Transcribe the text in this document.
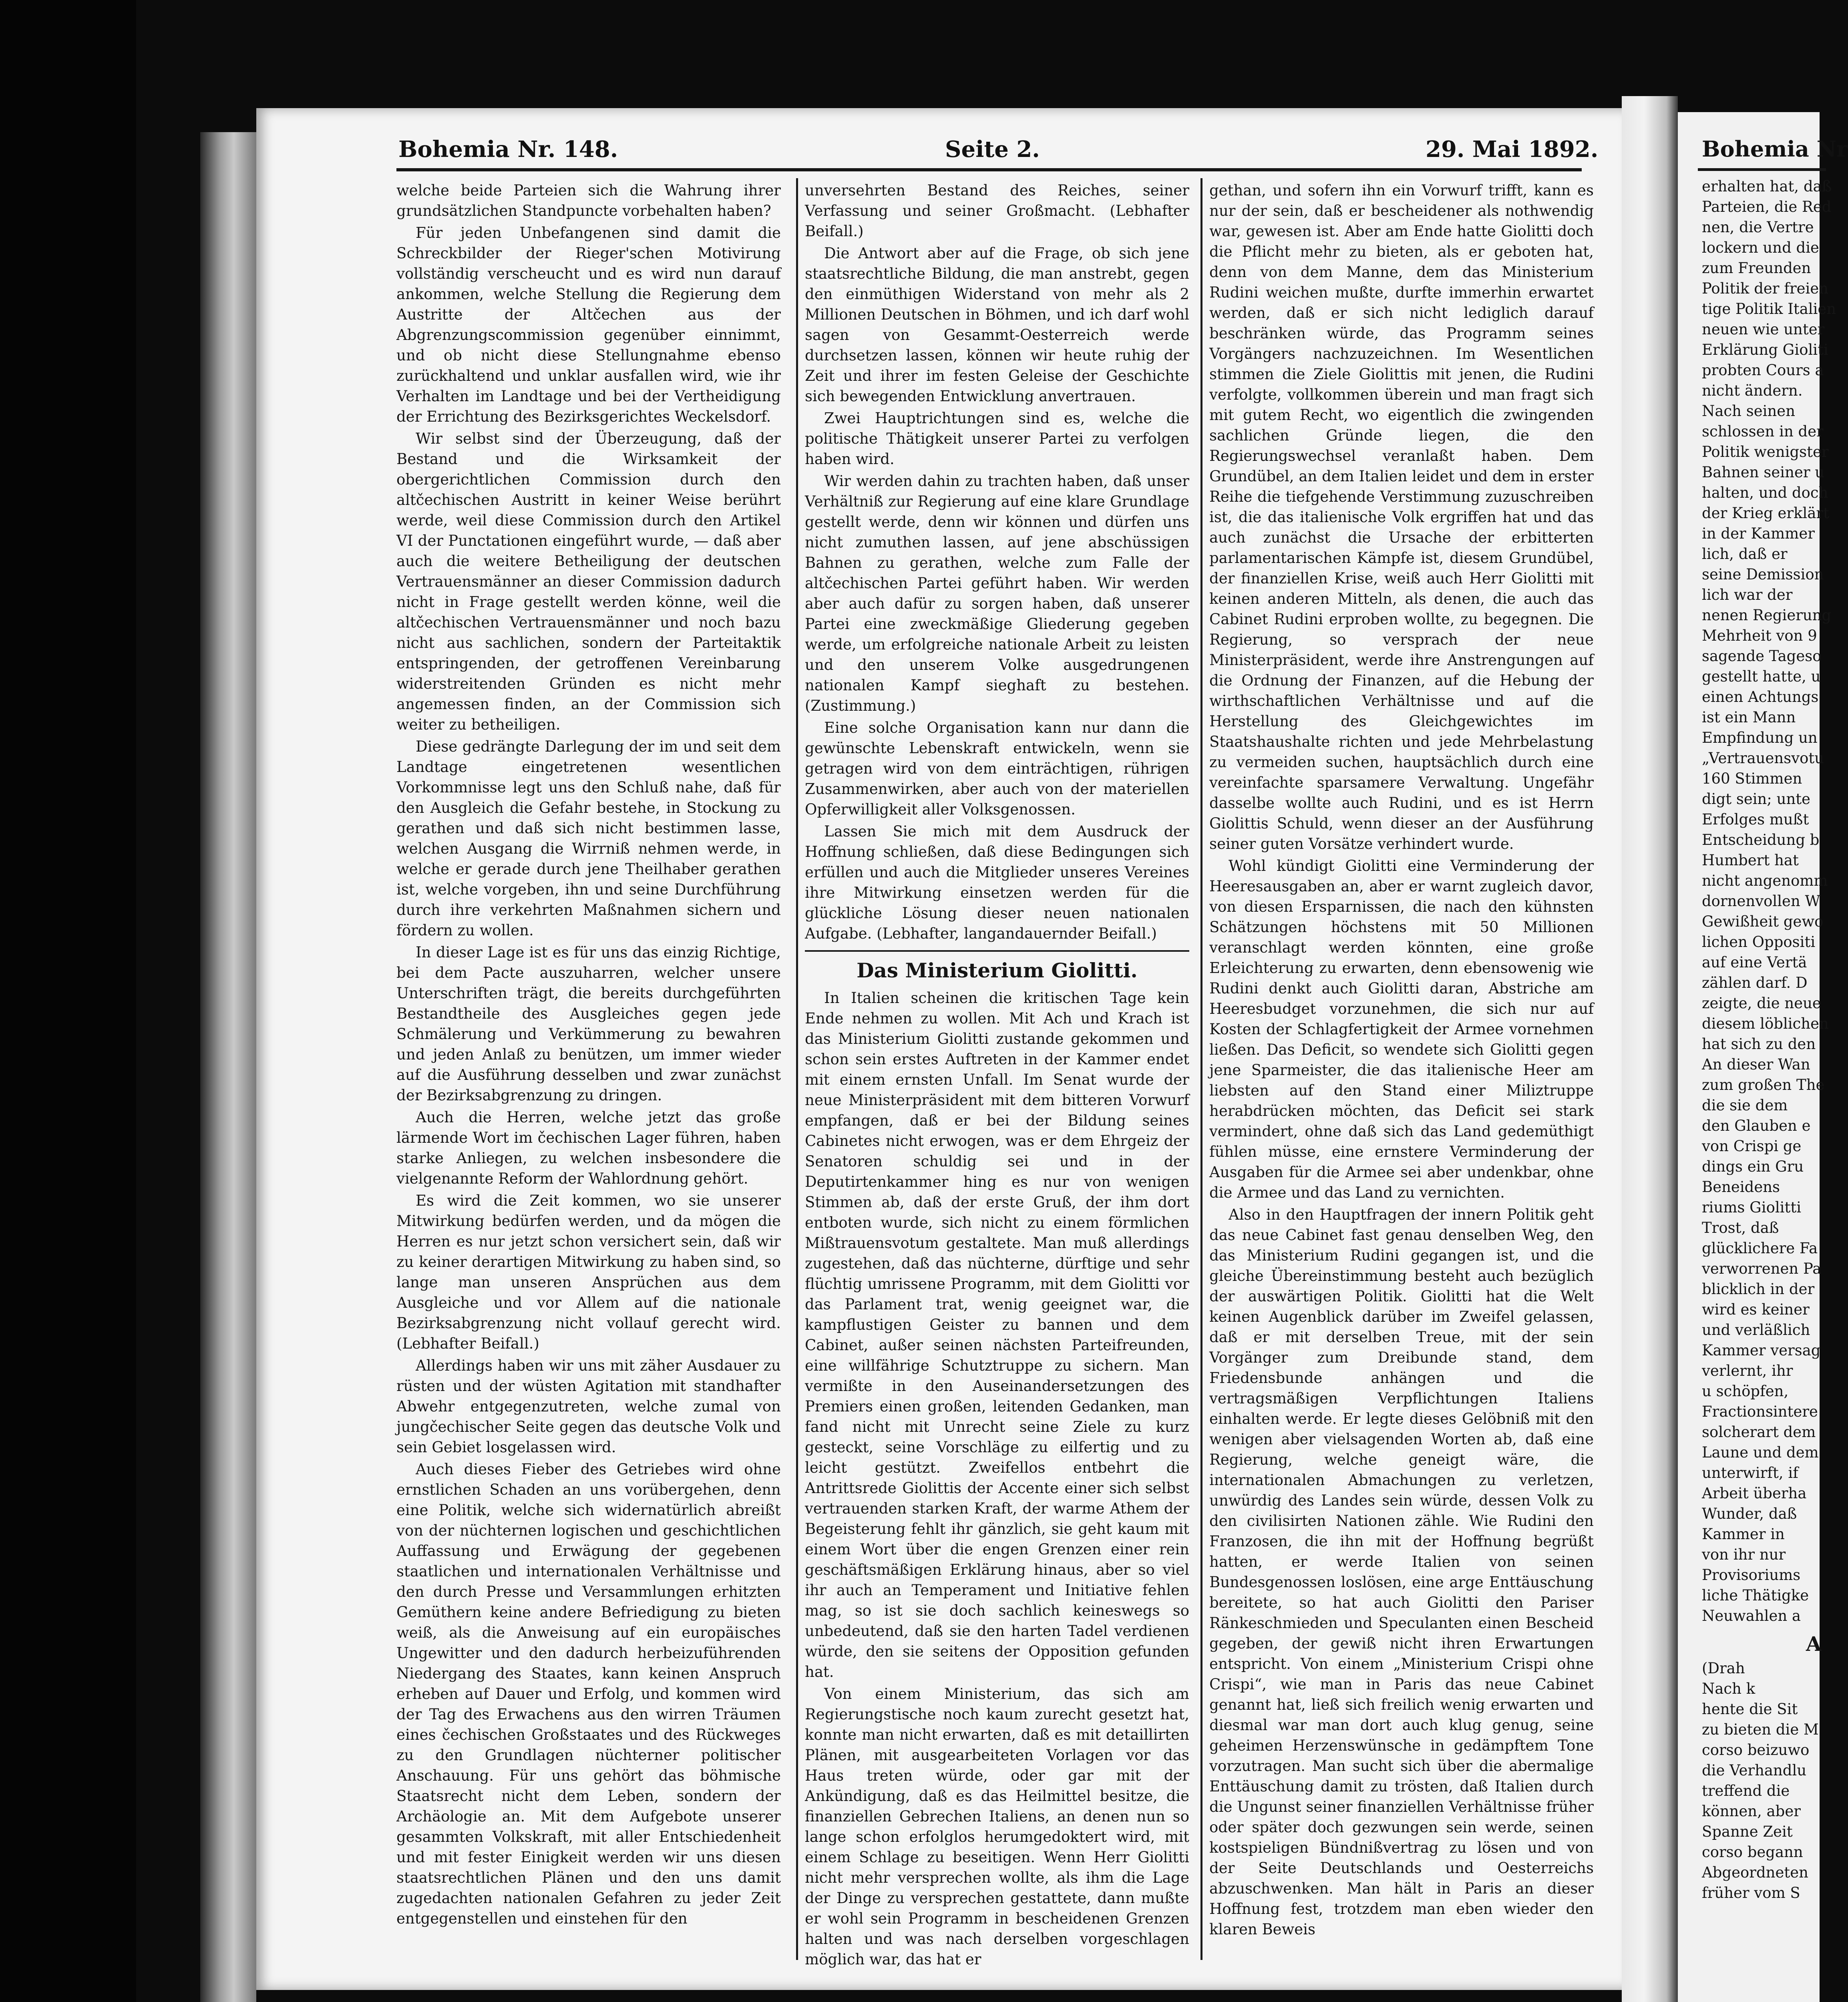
Bohemia Nr. 148.	Seite 2.	29. Mai 1892.

welche beide Parteien sich die Wahrung ihrer grundsätzlichen Standpuncte vorbehalten haben?

Für jeden Unbefangenen sind damit die Schreckbilder der Rieger'schen Motivirung vollständig verscheucht und es wird nun darauf ankommen, welche Stellung die Regierung dem Austritte der Altčechen aus der Abgrenzungscommission gegenüber einnimmt, und ob nicht diese Stellungnahme ebenso zurückhaltend und unklar ausfallen wird, wie ihr Verhalten im Landtage und bei der Vertheidigung der Errichtung des Bezirksgerichtes Weckelsdorf.

Wir selbst sind der Überzeugung, daß der Bestand und die Wirksamkeit der obergerichtlichen Commission durch den altčechischen Austritt in keiner Weise berührt werde, weil diese Commission durch den Artikel VI der Punctationen eingeführt wurde, — daß aber auch die weitere Betheiligung der deutschen Vertrauensmänner an dieser Commission dadurch nicht in Frage gestellt werden könne, weil die altčechischen Vertrauensmänner und noch bazu nicht aus sachlichen, sondern der Parteitaktik entspringenden, der getroffenen Vereinbarung widerstreitenden Gründen es nicht mehr angemessen finden, an der Commission sich weiter zu betheiligen.

Diese gedrängte Darlegung der im und seit dem Landtage eingetretenen wesentlichen Vorkommnisse legt uns den Schluß nahe, daß für den Ausgleich die Gefahr bestehe, in Stockung zu gerathen und daß sich nicht bestimmen lasse, welchen Ausgang die Wirrniß nehmen werde, in welche er gerade durch jene Theilhaber gerathen ist, welche vorgeben, ihn und seine Durchführung durch ihre verkehrten Maßnahmen sichern und fördern zu wollen.

In dieser Lage ist es für uns das einzig Richtige, bei dem Pacte auszuharren, welcher unsere Unterschriften trägt, die bereits durchgeführten Bestandtheile des Ausgleiches gegen jede Schmälerung und Verkümmerung zu bewahren und jeden Anlaß zu benützen, um immer wieder auf die Ausführung desselben und zwar zunächst der Bezirksabgrenzung zu dringen.

Auch die Herren, welche jetzt das große lärmende Wort im čechischen Lager führen, haben starke Anliegen, zu welchen insbesondere die vielgenannte Reform der Wahlordnung gehört.

Es wird die Zeit kommen, wo sie unserer Mitwirkung bedürfen werden, und da mögen die Herren es nur jetzt schon versichert sein, daß wir zu keiner derartigen Mitwirkung zu haben sind, so lange man unseren Ansprüchen aus dem Ausgleiche und vor Allem auf die nationale Bezirksabgrenzung nicht vollauf gerecht wird. (Lebhafter Beifall.)

Allerdings haben wir uns mit zäher Ausdauer zu rüsten und der wüsten Agitation mit standhafter Abwehr entgegenzutreten, welche zumal von jungčechischer Seite gegen das deutsche Volk und sein Gebiet losgelassen wird.

Auch dieses Fieber des Getriebes wird ohne ernstlichen Schaden an uns vorübergehen, denn eine Politik, welche sich widernatürlich abreißt von der nüchternen logischen und geschichtlichen Auffassung und Erwägung der gegebenen staatlichen und internationalen Verhältnisse und den durch Presse und Versammlungen erhitzten Gemüthern keine andere Befriedigung zu bieten weiß, als die Anweisung auf ein europäisches Ungewitter und den dadurch herbeizuführenden Niedergang des Staates, kann keinen Anspruch erheben auf Dauer und Erfolg, und kommen wird der Tag des Erwachens aus den wirren Träumen eines čechischen Großstaates und des Rückweges zu den Grundlagen nüchterner politischer Anschauung. Für uns gehört das böhmische Staatsrecht nicht dem Leben, sondern der Archäologie an. Mit dem Aufgebote unserer gesammten Volkskraft, mit aller Entschiedenheit und mit fester Einigkeit werden wir uns diesen staatsrechtlichen Plänen und den uns damit zugedachten nationalen Gefahren zu jeder Zeit entgegenstellen und einstehen für den

unversehrten Bestand des Reiches, seiner Verfassung und seiner Großmacht. (Lebhafter Beifall.)

Die Antwort aber auf die Frage, ob sich jene staatsrechtliche Bildung, die man anstrebt, gegen den einmüthigen Widerstand von mehr als 2 Millionen Deutschen in Böhmen, und ich darf wohl sagen von Gesammt-Oesterreich werde durchsetzen lassen, können wir heute ruhig der Zeit und ihrer im festen Geleise der Geschichte sich bewegenden Entwicklung anvertrauen.

Zwei Hauptrichtungen sind es, welche die politische Thätigkeit unserer Partei zu verfolgen haben wird.

Wir werden dahin zu trachten haben, daß unser Verhältniß zur Regierung auf eine klare Grundlage gestellt werde, denn wir können und dürfen uns nicht zumuthen lassen, auf jene abschüssigen Bahnen zu gerathen, welche zum Falle der altčechischen Partei geführt haben. Wir werden aber auch dafür zu sorgen haben, daß unserer Partei eine zweckmäßige Gliederung gegeben werde, um erfolgreiche nationale Arbeit zu leisten und den unserem Volke ausgedrungenen nationalen Kampf sieghaft zu bestehen. (Zustimmung.)

Eine solche Organisation kann nur dann die gewünschte Lebenskraft entwickeln, wenn sie getragen wird von dem einträchtigen, rührigen Zusammenwirken, aber auch von der materiellen Opferwilligkeit aller Volksgenossen.

Lassen Sie mich mit dem Ausdruck der Hoffnung schließen, daß diese Bedingungen sich erfüllen und auch die Mitglieder unseres Vereines ihre Mitwirkung einsetzen werden für die glückliche Lösung dieser neuen nationalen Aufgabe. (Lebhafter, langandauernder Beifall.)

Das Ministerium Giolitti.

In Italien scheinen die kritischen Tage kein Ende nehmen zu wollen. Mit Ach und Krach ist das Ministerium Giolitti zustande gekommen und schon sein erstes Auftreten in der Kammer endet mit einem ernsten Unfall. Im Senat wurde der neue Ministerpräsident mit dem bitteren Vorwurf empfangen, daß er bei der Bildung seines Cabinetes nicht erwogen, was er dem Ehrgeiz der Senatoren schuldig sei und in der Deputirtenkammer hing es nur von wenigen Stimmen ab, daß der erste Gruß, der ihm dort entboten wurde, sich nicht zu einem förmlichen Mißtrauensvotum gestaltete. Man muß allerdings zugestehen, daß das nüchterne, dürftige und sehr flüchtig umrissene Programm, mit dem Giolitti vor das Parlament trat, wenig geeignet war, die kampflustigen Geister zu bannen und dem Cabinet, außer seinen nächsten Parteifreunden, eine willfährige Schutztruppe zu sichern. Man vermißte in den Auseinandersetzungen des Premiers einen großen, leitenden Gedanken, man fand nicht mit Unrecht seine Ziele zu kurz gesteckt, seine Vorschläge zu eilfertig und zu leicht gestützt. Zweifellos entbehrt die Antrittsrede Giolittis der Accente einer sich selbst vertrauenden starken Kraft, der warme Athem der Begeisterung fehlt ihr gänzlich, sie geht kaum mit einem Wort über die engen Grenzen einer rein geschäftsmäßigen Erklärung hinaus, aber so viel ihr auch an Temperament und Initiative fehlen mag, so ist sie doch sachlich keineswegs so unbedeutend, daß sie den harten Tadel verdienen würde, den sie seitens der Opposition gefunden hat.

Von einem Ministerium, das sich am Regierungstische noch kaum zurecht gesetzt hat, konnte man nicht erwarten, daß es mit detaillirten Plänen, mit ausgearbeiteten Vorlagen vor das Haus treten würde, oder gar mit der Ankündigung, daß es das Heilmittel besitze, die finanziellen Gebrechen Italiens, an denen nun so lange schon erfolglos herumgedoktert wird, mit einem Schlage zu beseitigen. Wenn Herr Giolitti nicht mehr versprechen wollte, als ihm die Lage der Dinge zu versprechen gestattete, dann mußte er wohl sein Programm in bescheidenen Grenzen halten und was nach derselben vorgeschlagen möglich war, das hat er

gethan, und sofern ihn ein Vorwurf trifft, kann es nur der sein, daß er bescheidener als nothwendig war, gewesen ist. Aber am Ende hatte Giolitti doch die Pflicht mehr zu bieten, als er geboten hat, denn von dem Manne, dem das Ministerium Rudini weichen mußte, durfte immerhin erwartet werden, daß er sich nicht lediglich darauf beschränken würde, das Programm seines Vorgängers nachzuzeichnen. Im Wesentlichen stimmen die Ziele Giolittis mit jenen, die Rudini verfolgte, vollkommen überein und man fragt sich mit gutem Recht, wo eigentlich die zwingenden sachlichen Gründe liegen, die den Regierungswechsel veranlaßt haben. Dem Grundübel, an dem Italien leidet und dem in erster Reihe die tiefgehende Verstimmung zuzuschreiben ist, die das italienische Volk ergriffen hat und das auch zunächst die Ursache der erbitterten parlamentarischen Kämpfe ist, diesem Grundübel, der finanziellen Krise, weiß auch Herr Giolitti mit keinen anderen Mitteln, als denen, die auch das Cabinet Rudini erproben wollte, zu begegnen. Die Regierung, so versprach der neue Ministerpräsident, werde ihre Anstrengungen auf die Ordnung der Finanzen, auf die Hebung der wirthschaftlichen Verhältnisse und auf die Herstellung des Gleichgewichtes im Staatshaushalte richten und jede Mehrbelastung zu vermeiden suchen, hauptsächlich durch eine vereinfachte sparsamere Verwaltung. Ungefähr dasselbe wollte auch Rudini, und es ist Herrn Giolittis Schuld, wenn dieser an der Ausführung seiner guten Vorsätze verhindert wurde.

Wohl kündigt Giolitti eine Verminderung der Heeresausgaben an, aber er warnt zugleich davor, von diesen Ersparnissen, die nach den kühnsten Schätzungen höchstens mit 50 Millionen veranschlagt werden könnten, eine große Erleichterung zu erwarten, denn ebensowenig wie Rudini denkt auch Giolitti daran, Abstriche am Heeresbudget vorzunehmen, die sich nur auf Kosten der Schlagfertigkeit der Armee vornehmen ließen. Das Deficit, so wendete sich Giolitti gegen jene Sparmeister, die das italienische Heer am liebsten auf den Stand einer Miliztruppe herabdrücken möchten, das Deficit sei stark vermindert, ohne daß sich das Land gedemüthigt fühlen müsse, eine ernstere Verminderung der Ausgaben für die Armee sei aber undenkbar, ohne die Armee und das Land zu vernichten.

Also in den Hauptfragen der innern Politik geht das neue Cabinet fast genau denselben Weg, den das Ministerium Rudini gegangen ist, und die gleiche Übereinstimmung besteht auch bezüglich der auswärtigen Politik. Giolitti hat die Welt keinen Augenblick darüber im Zweifel gelassen, daß er mit derselben Treue, mit der sein Vorgänger zum Dreibunde stand, dem Friedensbunde anhängen und die vertragsmäßigen Verpflichtungen Italiens einhalten werde. Er legte dieses Gelöbniß mit den wenigen aber vielsagenden Worten ab, daß eine Regierung, welche geneigt wäre, die internationalen Abmachungen zu verletzen, unwürdig des Landes sein würde, dessen Volk zu den civilisirten Nationen zähle. Wie Rudini den Franzosen, die ihn mit der Hoffnung begrüßt hatten, er werde Italien von seinen Bundesgenossen loslösen, eine arge Enttäuschung bereitete, so hat auch Giolitti den Pariser Ränkeschmieden und Speculanten einen Bescheid gegeben, der gewiß nicht ihren Erwartungen entspricht. Von einem „Ministerium Crispi ohne Crispi“, wie man in Paris das neue Cabinet genannt hat, ließ sich freilich wenig erwarten und diesmal war man dort auch klug genug, seine geheimen Herzenswünsche in gedämpftem Tone vorzutragen. Man sucht sich über die abermalige Enttäuschung damit zu trösten, daß Italien durch die Ungunst seiner finanziellen Verhältnisse früher oder später doch gezwungen sein werde, seinen kostspieligen Bündnißvertrag zu lösen und von der Seite Deutschlands und Oesterreichs abzuschwenken. Man hält in Paris an dieser Hoffnung fest, trotzdem man eben wieder den klaren Beweis

Bohemia Nr
erhalten hat, daß
Parteien, die Red
nen, die Vertre
lockern und die
zum Freunden
Politik der freien
tige Politik Italien
neuen wie unter
Erklärung Gioliti
probten Cours a
nicht ändern.
Nach seinen
schlossen in der
Politik wenigster
Bahnen seiner u
halten, und doch
der Krieg erklärt
in der Kammer
lich, daß er
seine Demission
lich war der
nenen Regierung
Mehrheit von 9
sagende Tageso
gestellt hatte, u
einen Achtungs
ist ein Mann
Empfindung un
„Vertrauensvotu
160 Stimmen
digt sein; unte
Erfolges mußt
Entscheidung b
Humbert hat
nicht angenomm
dornenvollen W
Gewißheit gewo
lichen Oppositi
auf eine Vertä
zählen darf. D
zeigte, die neue
diesem löblichen
hat sich zu den
An dieser Wan
zum großen The
die sie dem
den Glauben e
von Crispi ge
dings ein Gru
Beneidens
riums Giolitti
Trost, daß
glücklichere Fa
verworrenen Pa
blicklich in der
wird es keiner
und verläßlich
Kammer versag
verlernt, ihr
u schöpfen,
Fractionsintere
solcherart dem
Laune und dem
unterwirft, if
Arbeit überha
Wunder, daß
Kammer in
von ihr nur
Provisoriums
liche Thätigke
Neuwahlen a
A
(Drah
Nach k
hente die Sit
zu bieten die M
corso beizuwo
die Verhandlu
treffend die
können, aber
Spanne Zeit
corso begann
Abgeordneten
früher vom S
